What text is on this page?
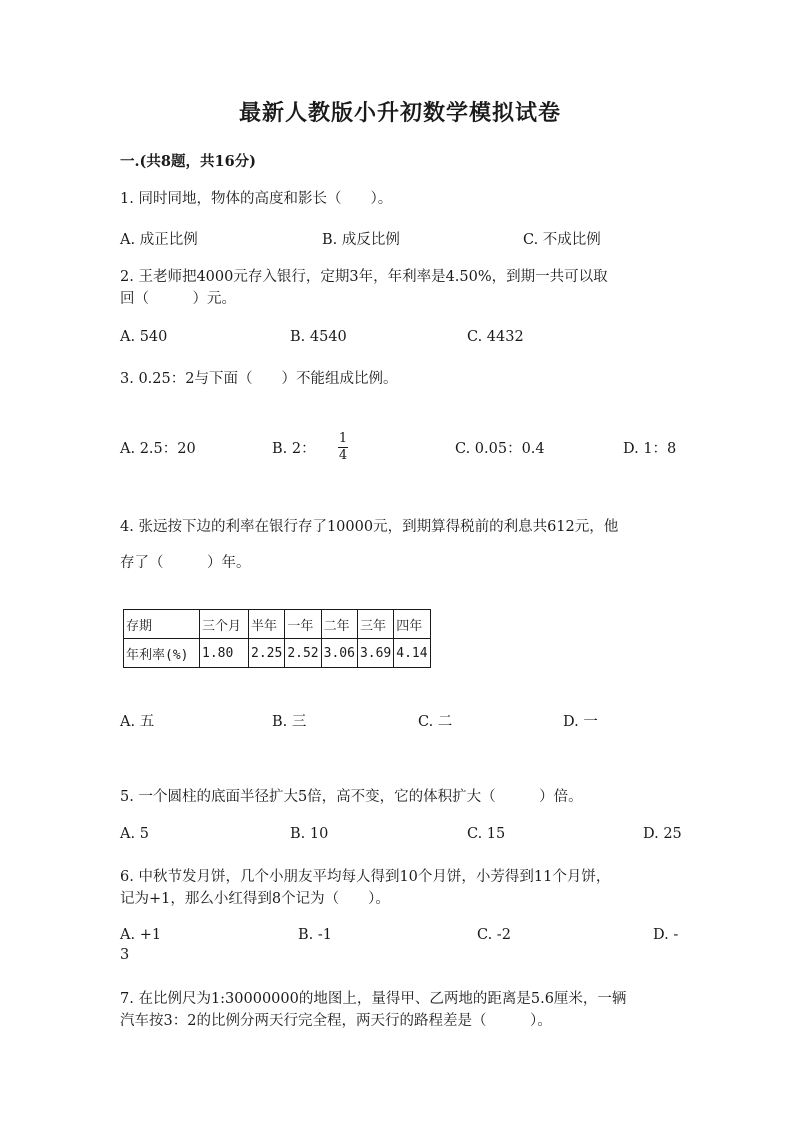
最新人教版小升初数学模拟试卷
一.(共8题，共16分)
1. 同时同地，物体的高度和影长（　　）。
A. 成正比例	B. 成反比例	C. 不成比例
2. 王老师把4000元存入银行，定期3年，年利率是4.50%，到期一共可以取
回（　　　）元。
A. 540	B. 4540	C. 4432
3. 0.25：2与下面（　　）不能组成比例。
A. 2.5：20	B. 2：
1
4	C. 0.05：0.4	D. 1：8
4. 张远按下边的利率在银行存了10000元，到期算得税前的利息共612元，他
存了（　　　）年。
存期	三个月	半年	一年	二年	三年	四年
年利率(%)	1.80	2.25	2.52	3.06	3.69	4.14
A. 五	B. 三	C. 二	D. 一
5. 一个圆柱的底面半径扩大5倍，高不变，它的体积扩大（　　　）倍。
A. 5	B. 10	C. 15	D. 25
6. 中秋节发月饼，几个小朋友平均每人得到10个月饼，小芳得到11个月饼，
记为+1，那么小红得到8个记为（　　）。
A. +1	B. -1	C. -2	D. -
3
7. 在比例尺为1:30000000的地图上，量得甲、乙两地的距离是5.6厘米，一辆
汽车按3：2的比例分两天行完全程，两天行的路程差是（　　　）。
